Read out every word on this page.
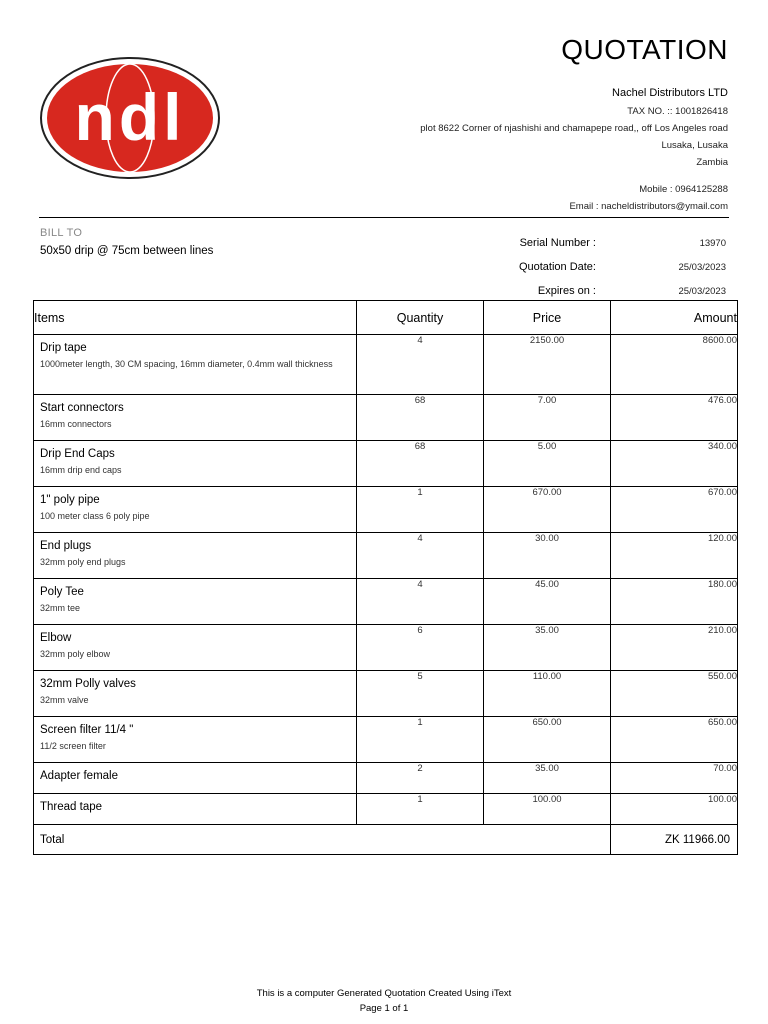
ndl
QUOTATION
Nachel Distributors LTD
TAX NO. :: 1001826418
plot 8622 Corner of njashishi and chamapepe road,, off Los Angeles road
Lusaka, Lusaka
Zambia
Mobile : 0964125288
Email : nacheldistributors@ymail.com
BILL TO
50x50 drip @ 75cm between lines
Serial Number :	13970
Quotation Date:	25/03/2023
Expires on :	25/03/2023
Items	Quantity	Price	Amount

Drip tape
1000meter length, 30 CM spacing, 16mm diameter, 0.4mm wall thickness	4	2150.00	8600.00

Start connectors
16mm connectors	68	7.00	476.00

Drip End Caps
16mm drip end caps	68	5.00	340.00

1" poly pipe
100 meter class 6 poly pipe	1	670.00	670.00

End plugs
32mm poly end plugs	4	30.00	120.00

Poly Tee
32mm tee	4	45.00	180.00

Elbow
32mm poly elbow	6	35.00	210.00

32mm Polly valves
32mm valve	5	110.00	550.00

Screen filter 11/4 "
11/2 screen filter	1	650.00	650.00

Adapter female	2	35.00	70.00

Thread tape	1	100.00	100.00
Total			ZK 11966.00
This is a computer Generated Quotation Created Using iText
Page 1 of 1
